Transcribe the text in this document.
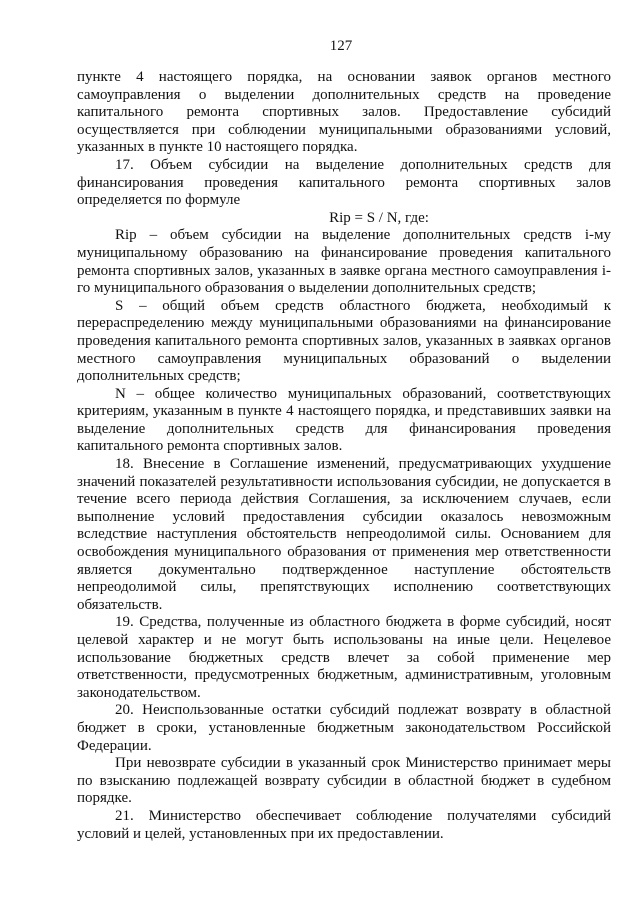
127

пункте 4 настоящего порядка, на основании заявок органов местного самоуправления о выделении дополнительных средств на проведение капитального ремонта спортивных залов. Предоставление субсидий осуществляется при соблюдении муниципальными образованиями условий, указанных в пункте 10 настоящего порядка.

17. Объем субсидии на выделение дополнительных средств для финансирования проведения капитального ремонта спортивных залов определяется по формуле

Rip = S / N, где:

Rip – объем субсидии на выделение дополнительных средств i-му муниципальному образованию на финансирование проведения капитального ремонта спортивных залов, указанных в заявке органа местного самоуправления i-го муниципального образования о выделении дополнительных средств;

S – общий объем средств областного бюджета, необходимый к перераспределению между муниципальными образованиями на финансирование проведения капитального ремонта спортивных залов, указанных в заявках органов местного самоуправления муниципальных образований о выделении дополнительных средств;

N – общее количество муниципальных образований, соответствующих критериям, указанным в пункте 4 настоящего порядка, и представивших заявки на выделение дополнительных средств для финансирования проведения капитального ремонта спортивных залов.

18. Внесение в Соглашение изменений, предусматривающих ухудшение значений показателей результативности использования субсидии, не допускается в течение всего периода действия Соглашения, за исключением случаев, если выполнение условий предоставления субсидии оказалось невозможным вследствие наступления обстоятельств непреодолимой силы. Основанием для освобождения муниципального образования от применения мер ответственности является документально подтвержденное наступление обстоятельств непреодолимой силы, препятствующих исполнению соответствующих обязательств.

19. Средства, полученные из областного бюджета в форме субсидий, носят целевой характер и не могут быть использованы на иные цели. Нецелевое использование бюджетных средств влечет за собой применение мер ответственности, предусмотренных бюджетным, административным, уголовным законодательством.

20. Неиспользованные остатки субсидий подлежат возврату в областной бюджет в сроки, установленные бюджетным законодательством Российской Федерации.

При невозврате субсидии в указанный срок Министерство принимает меры по взысканию подлежащей возврату субсидии в областной бюджет в судебном порядке.

21. Министерство обеспечивает соблюдение получателями субсидий условий и целей, установленных при их предоставлении.
